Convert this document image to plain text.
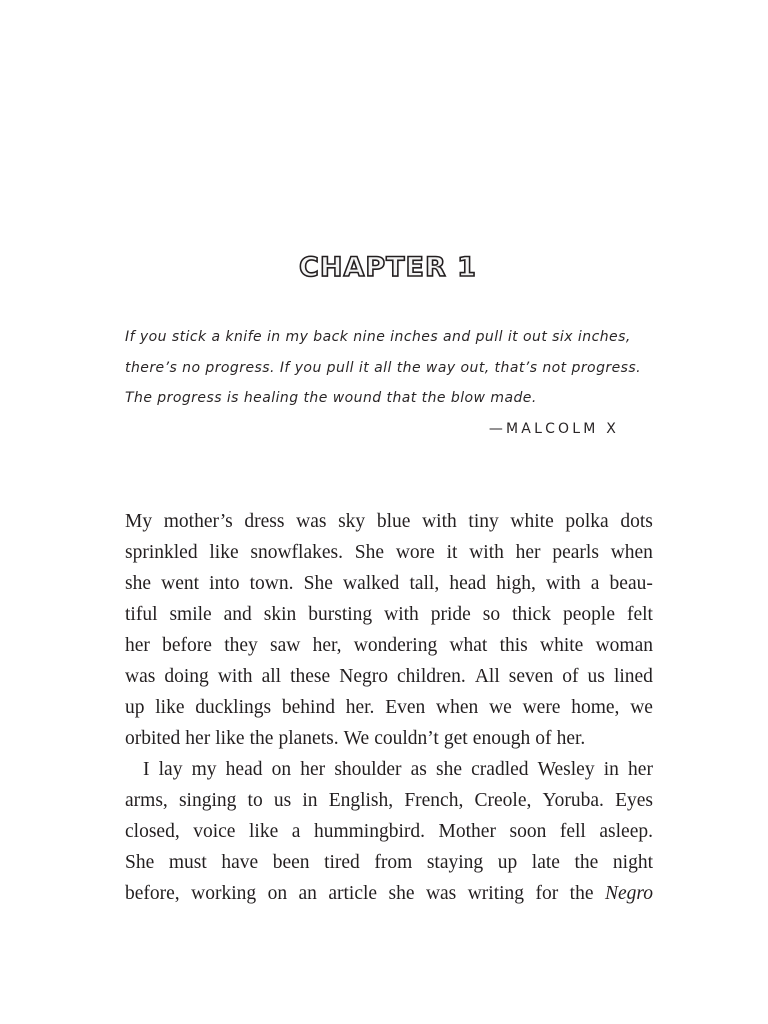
CHAPTER 1
If you stick a knife in my back nine inches and pull it out six inches,
there’s no progress. If you pull it all the way out, that’s not progress.
The progress is healing the wound that the blow made.
—MALCOLM X
My mother’s dress was sky blue with tiny white polka dots
sprinkled like snowflakes. She wore it with her pearls when
she went into town. She walked tall, head high, with a beau-
tiful smile and skin bursting with pride so thick people felt
her before they saw her, wondering what this white woman
was doing with all these Negro children. All seven of us lined
up like ducklings behind her. Even when we were home, we
orbited her like the planets. We couldn’t get enough of her.
I lay my head on her shoulder as she cradled Wesley in her
arms, singing to us in English, French, Creole, Yoruba. Eyes
closed, voice like a hummingbird. Mother soon fell asleep.
She must have been tired from staying up late the night
before, working on an article she was writing for the Negro
